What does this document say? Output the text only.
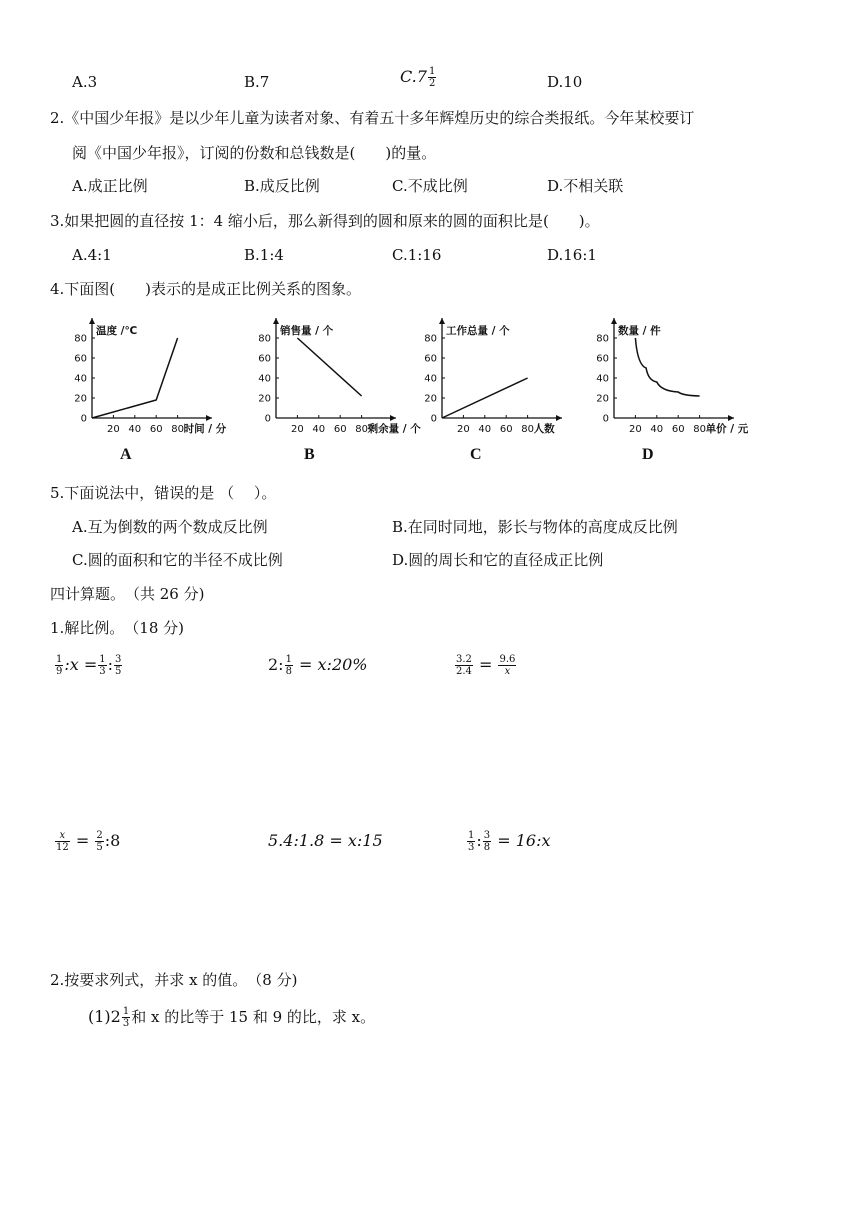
A.3	B.7	$C.7 \frac{1}{2}$	D.10
2.《中国少年报》是以少年儿童为读者对象、有着五十多年辉煌历史的综合类报纸。今年某校要订
阅《中国少年报》，订阅的份数和总钱数是(　　)的量。
A.成正比例	B.成反比例	C.不成比例	D.不相关联
3.如果把圆的直径按 1：4 缩小后，那么新得到的圆和原来的圆的面积比是(　　)。
A.4:1	B.1:4	C.1:16	D.16:1
4.下面图(　　)表示的是成正比例关系的图象。
80
60
40
20
0
20 40 60 80
温度 /℃
时间 / 分
A
80
60
40
20
0
20 40 60 80
销售量 / 个
剩余量 / 个
B
80
60
40
20
0
20 40 60 80
工作总量 / 个
人数
C
80
60
40
20
0
20 40 60 80
数量 / 件
单价 / 元
D
5.下面说法中，错误的是 （　 ）。
A.互为倒数的两个数成反比例	B.在同时同地，影长与物体的高度成反比例
C.圆的面积和它的半径不成比例	D.圆的周长和它的直径成正比例
四计算题。　（共 26 分)
1.解比例。　（18 分)
$\frac{1}{9}$ :x = $\frac{1}{3}$ : $\frac{3}{5}$	2: $\frac{1}{8}$ = x:20%	$\frac{3.2}{2.4} = \frac{9.6}{x}$
$\frac{x}{12} = \frac{2}{5}$ :8	5.4:1.8 = x:15	$\frac{1}{3}$ : $\frac{3}{8}$ = 16:x
2.按要求列式，并求 x 的值。　（8 分)
$(1)2 \frac{1}{3}$ 和 x 的比等于 15 和 9 的比，求 x。
